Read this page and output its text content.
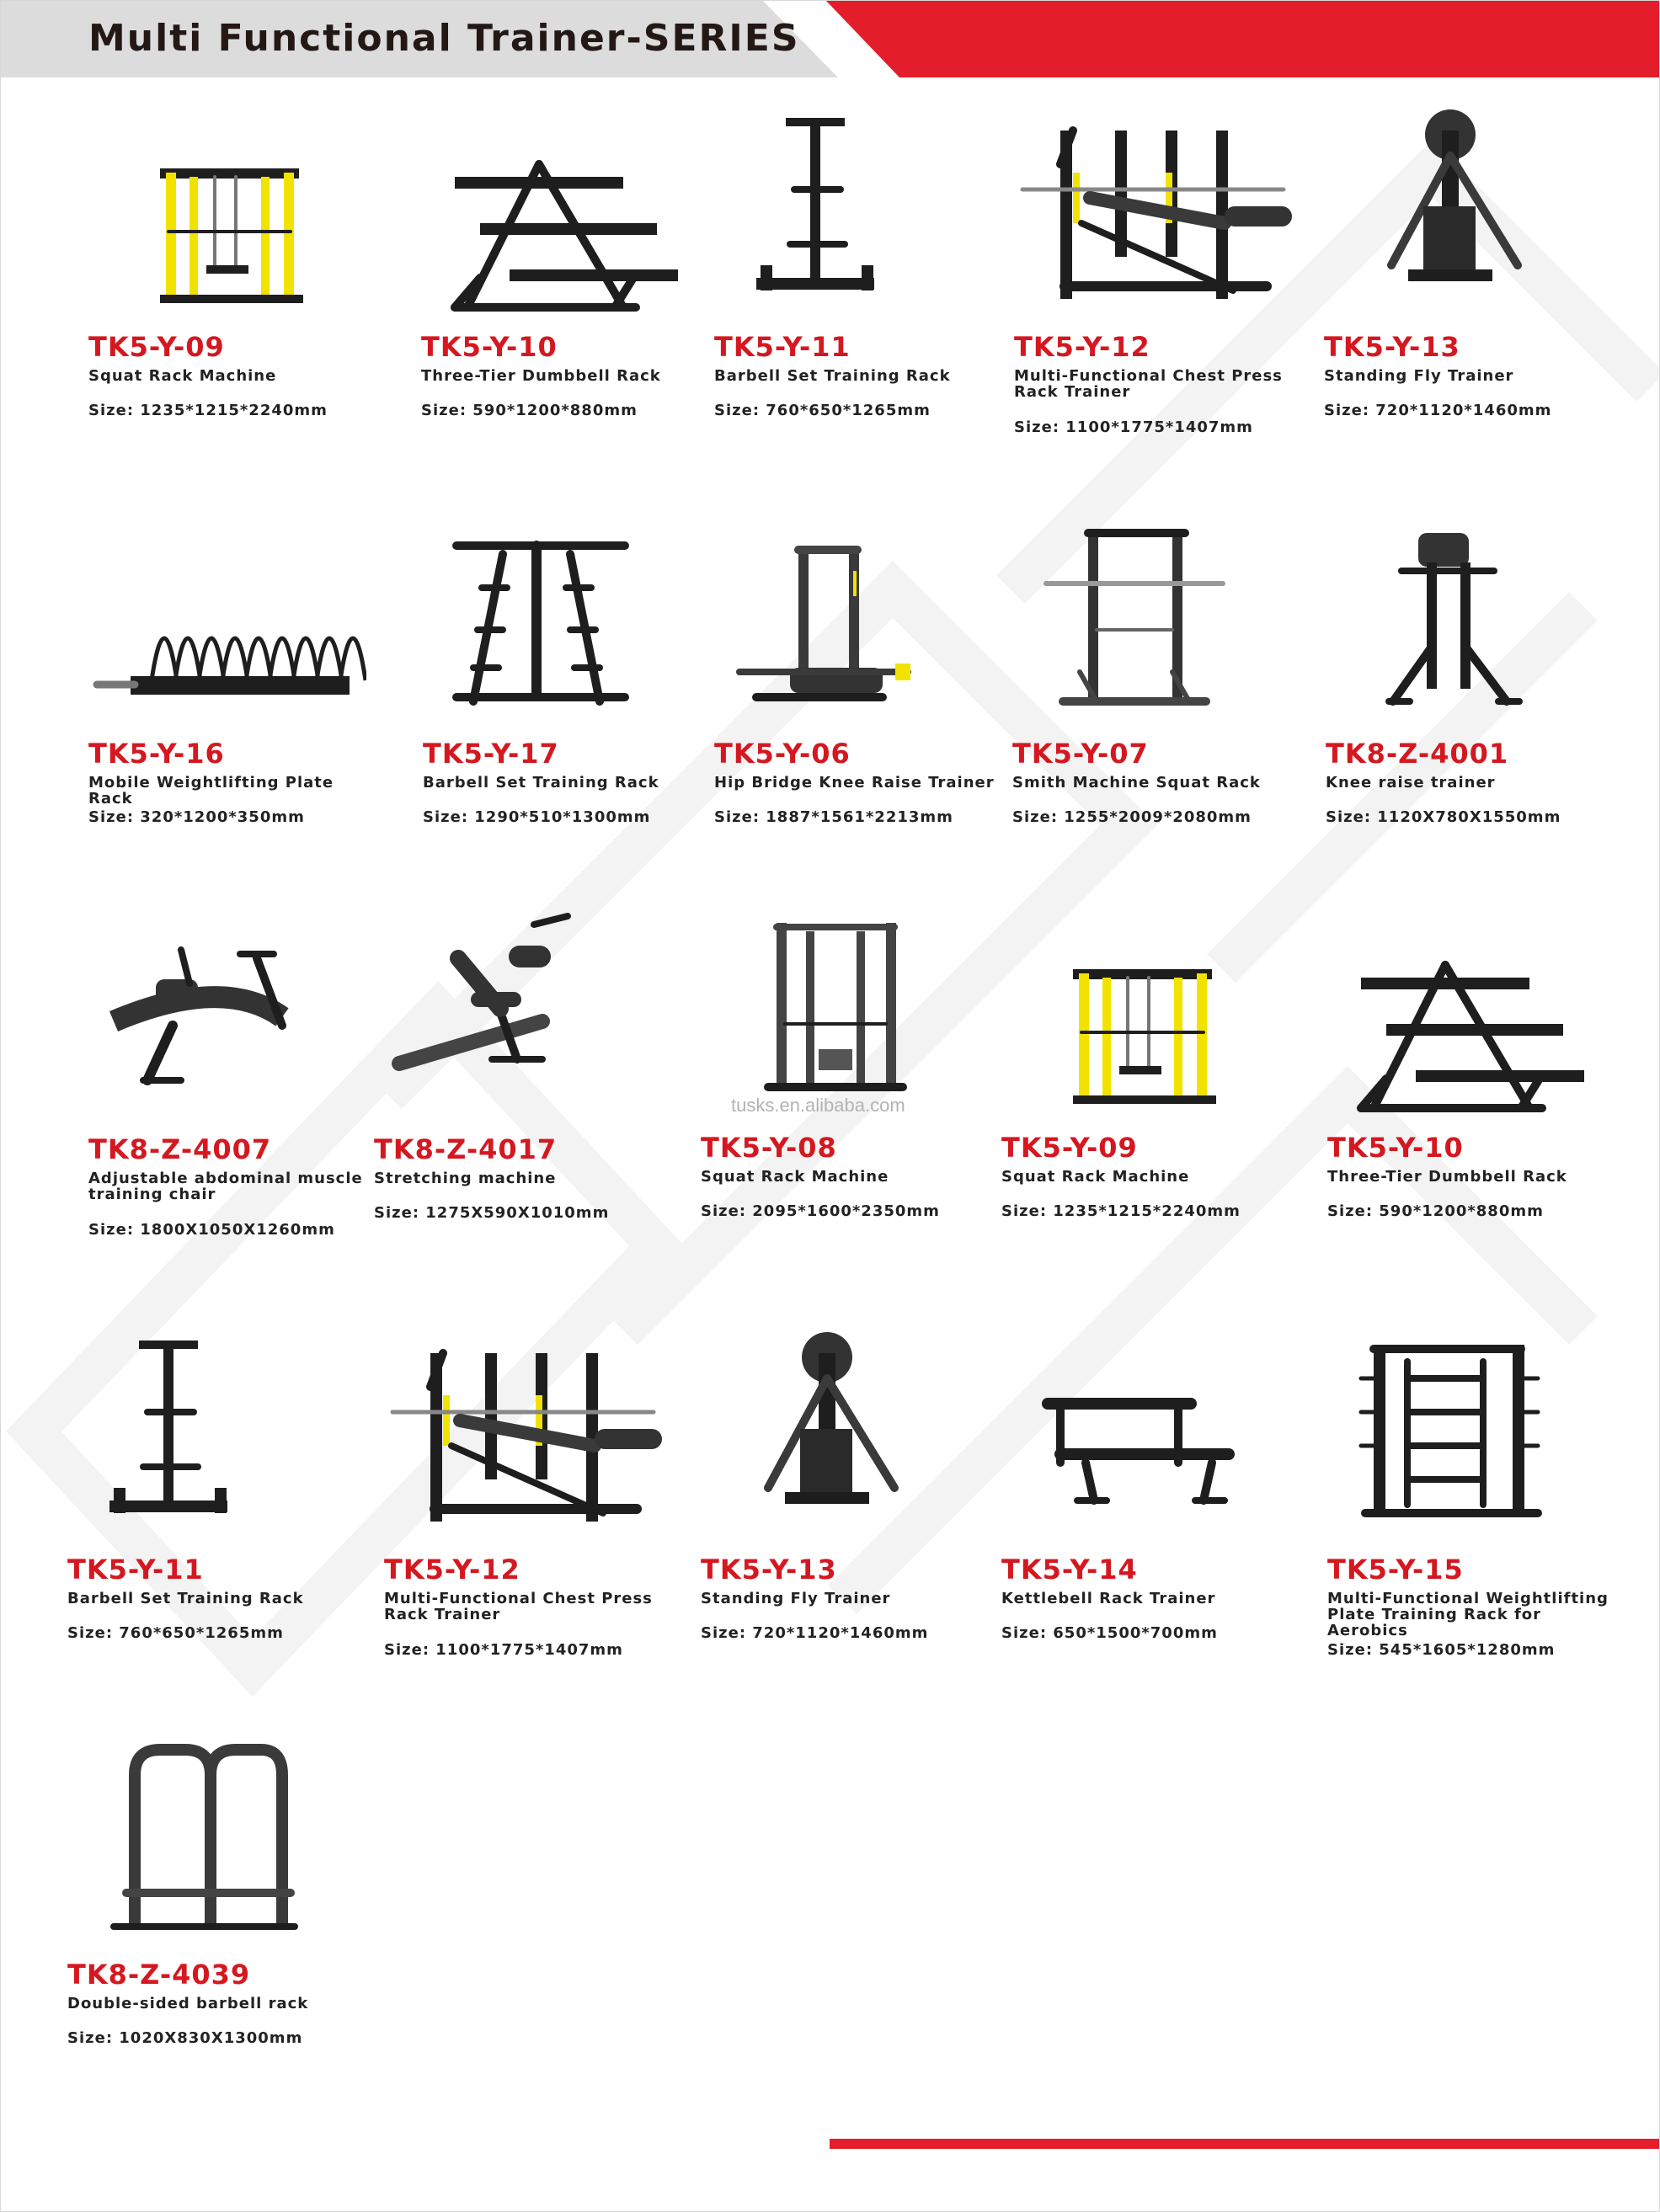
Multi Functional Trainer-SERIES
tusks.en.alibaba.com
TK5-Y-09
Squat Rack Machine
Size: 1235*1215*2240mm
TK5-Y-10
Three-Tier Dumbbell Rack
Size: 590*1200*880mm
TK5-Y-11
Barbell Set Training Rack
Size: 760*650*1265mm
TK5-Y-12
Multi-Functional Chest Press Rack Trainer
Size: 1100*1775*1407mm
TK5-Y-13
Standing Fly Trainer
Size: 720*1120*1460mm
TK5-Y-16
Mobile Weightlifting Plate Rack
Size: 320*1200*350mm
TK5-Y-17
Barbell Set Training Rack
Size: 1290*510*1300mm
TK5-Y-06
Hip Bridge Knee Raise Trainer
Size: 1887*1561*2213mm
TK5-Y-07
Smith Machine Squat Rack
Size: 1255*2009*2080mm
TK8-Z-4001
Knee raise trainer
Size: 1120X780X1550mm
TK8-Z-4007
Adjustable abdominal muscle training chair
Size: 1800X1050X1260mm
TK8-Z-4017
Stretching machine
Size: 1275X590X1010mm
TK5-Y-08
Squat Rack Machine
Size: 2095*1600*2350mm
TK5-Y-09
Squat Rack Machine
Size: 1235*1215*2240mm
TK5-Y-10
Three-Tier Dumbbell Rack
Size: 590*1200*880mm
TK5-Y-11
Barbell Set Training Rack
Size: 760*650*1265mm
TK5-Y-12
Multi-Functional Chest Press Rack Trainer
Size: 1100*1775*1407mm
TK5-Y-13
Standing Fly Trainer
Size: 720*1120*1460mm
TK5-Y-14
Kettlebell Rack Trainer
Size: 650*1500*700mm
TK5-Y-15
Multi-Functional Weightlifting Plate Training Rack for Aerobics
Size: 545*1605*1280mm
TK8-Z-4039
Double-sided barbell rack
Size: 1020X830X1300mm
